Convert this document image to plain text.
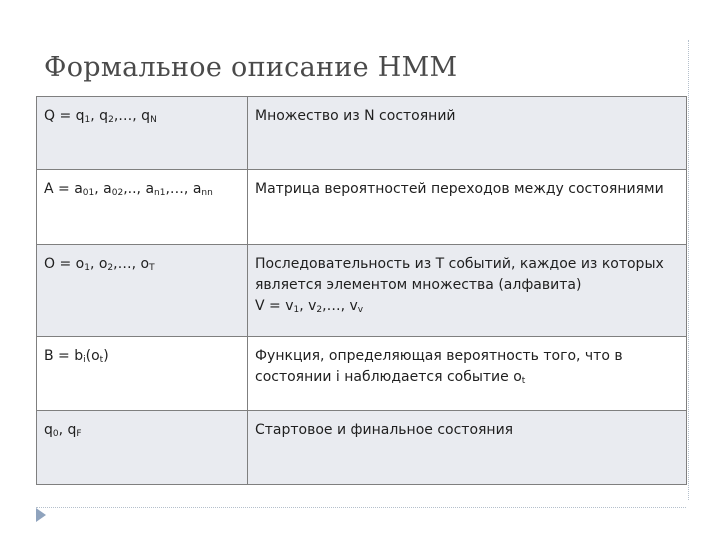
Формальное описание HMM
$Q = q_1$, $q_2,\dots$, $q_N$	Множество из N состояний
$A = a_{01}$, $a_{02}$,.., $a_{n1},\dots$, $a_{nn}$	Матрица вероятностей переходов между состояниями
$O = o_1$, $o_2,\dots$, $o_T$	Последовательность из T событий, каждое из которых
является элементом множества (алфавита)
$V = v_1$, $v_2,\dots$, $v_v$

$B = b_i(o_t)$	Функция, определяющая вероятность того, что в
состоянии i наблюдается событие $o_t$

$q_0$, $q_F$	Стартовое и финальное состояния
